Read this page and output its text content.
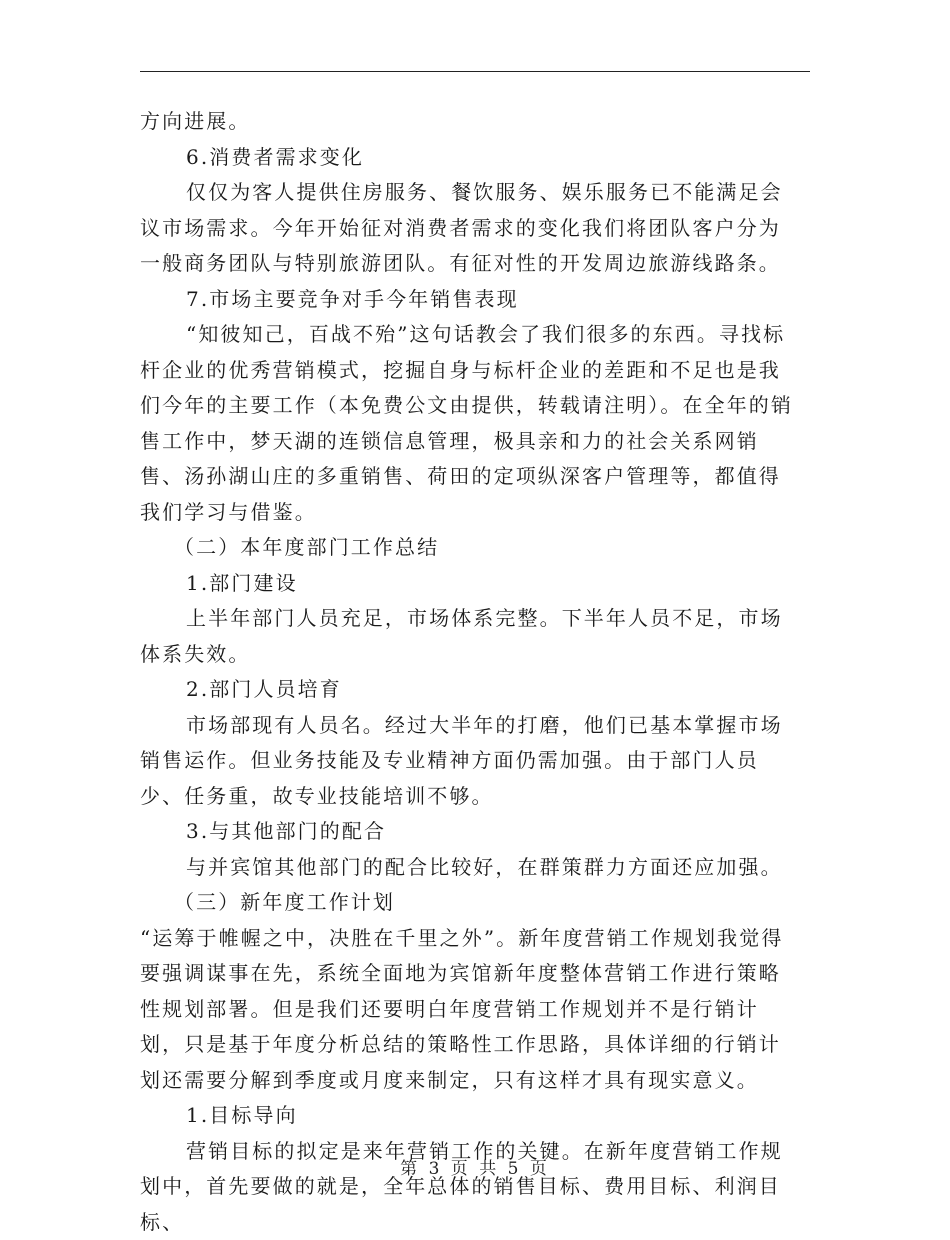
方向进展。

6.消费者需求变化

仅仅为客人提供住房服务、餐饮服务、娱乐服务已不能满足会议市场需求。今年开始征对消费者需求的变化我们将团队客户分为一般商务团队与特别旅游团队。有征对性的开发周边旅游线路条。

7.市场主要竞争对手今年销售表现

“知彼知己，百战不殆”这句话教会了我们很多的东西。寻找标杆企业的优秀营销模式，挖掘自身与标杆企业的差距和不足也是我们今年的主要工作（本免费公文由提供，转载请注明）。在全年的销售工作中，梦天湖的连锁信息管理，极具亲和力的社会关系网销售、汤孙湖山庄的多重销售、荷田的定项纵深客户管理等，都值得我们学习与借鉴。

（二）本年度部门工作总结

1.部门建设

上半年部门人员充足，市场体系完整。下半年人员不足，市场体系失效。

2.部门人员培育

市场部现有人员名。经过大半年的打磨，他们已基本掌握市场销售运作。但业务技能及专业精神方面仍需加强。由于部门人员少、任务重，故专业技能培训不够。

3.与其他部门的配合

与并宾馆其他部门的配合比较好，在群策群力方面还应加强。

（三）新年度工作计划

“运筹于帷幄之中，决胜在千里之外”。新年度营销工作规划我觉得要强调谋事在先，系统全面地为宾馆新年度整体营销工作进行策略性规划部署。但是我们还要明白年度营销工作规划并不是行销计划，只是基于年度分析总结的策略性工作思路，具体详细的行销计划还需要分解到季度或月度来制定，只有这样才具有现实意义。

1.目标导向

营销目标的拟定是来年营销工作的关键。在新年度营销工作规划中，首先要做的就是，全年总体的销售目标、费用目标、利润目标、

第 3 页 共 5 页
